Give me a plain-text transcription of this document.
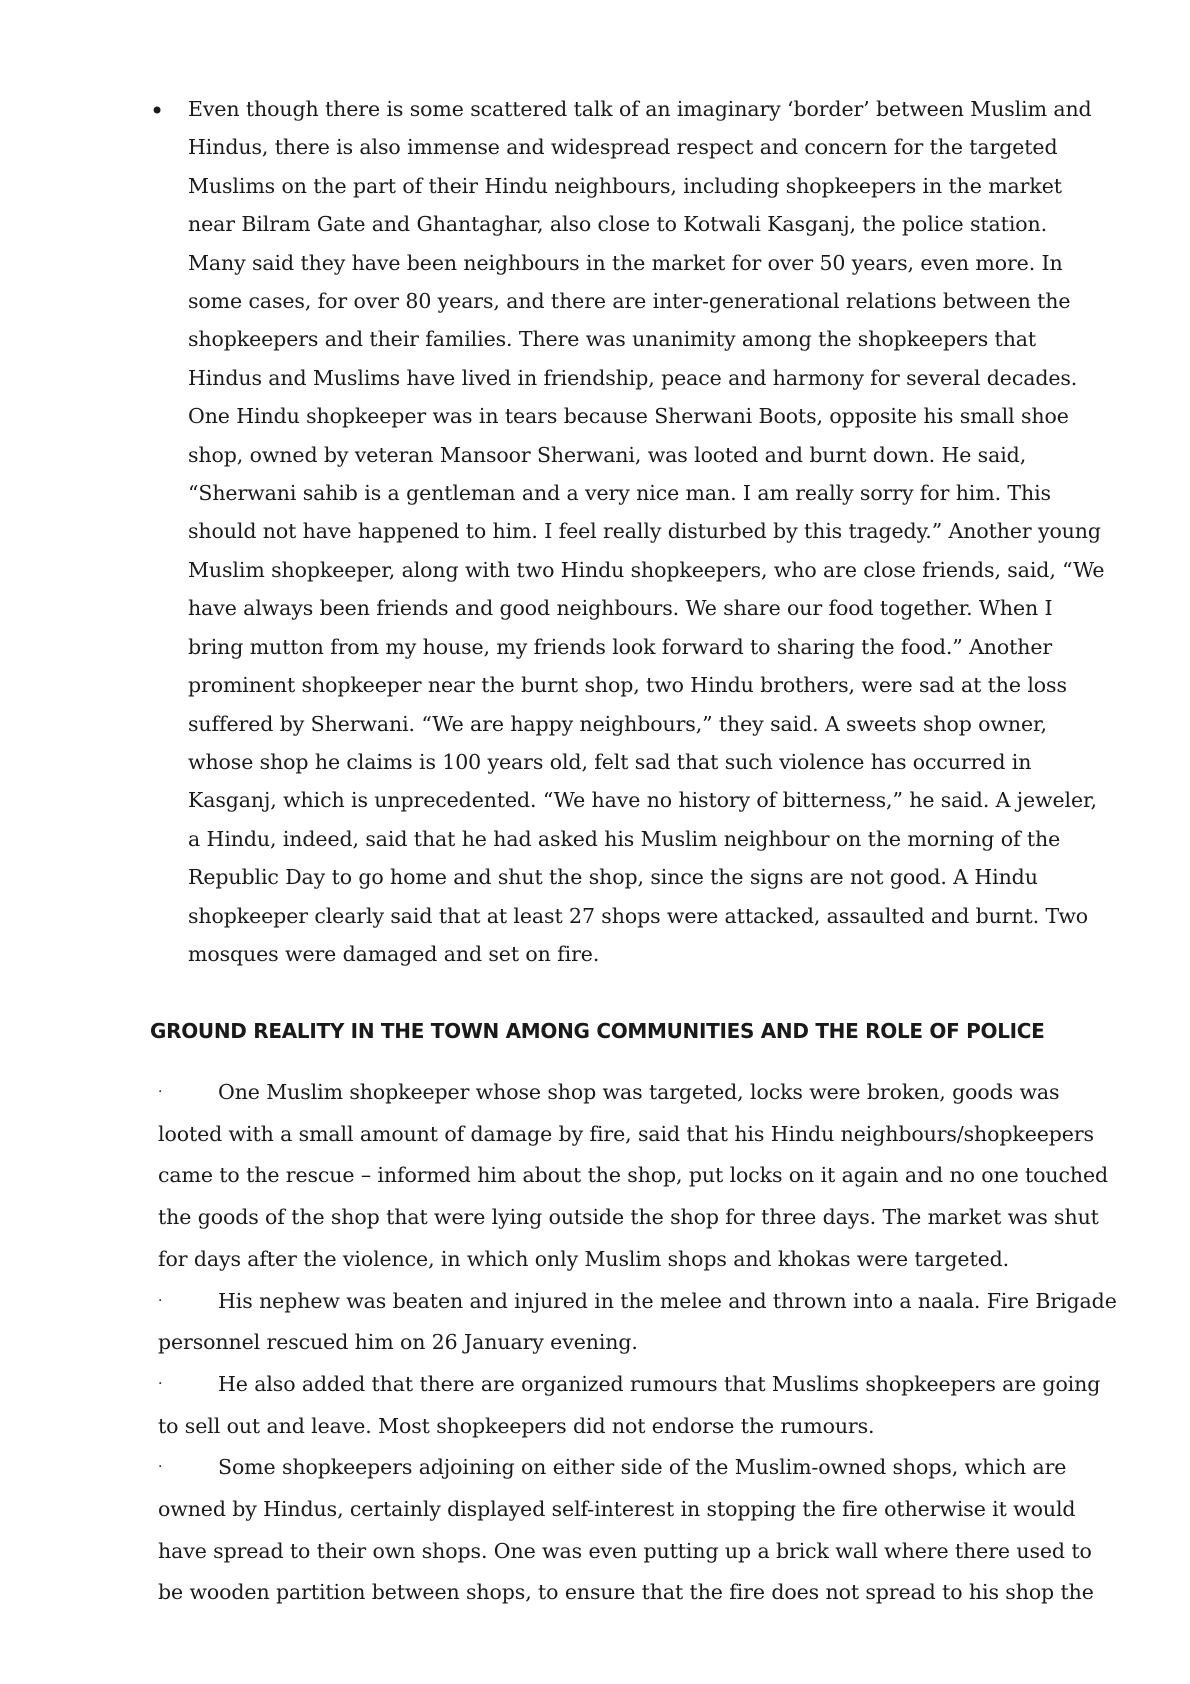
• Even though there is some scattered talk of an imaginary ‘border’ between Muslim and Hindus, there is also immense and widespread respect and concern for the targeted Muslims on the part of their Hindu neighbours, including shopkeepers in the market near Bilram Gate and Ghantaghar, also close to Kotwali Kasganj, the police station. Many said they have been neighbours in the market for over 50 years, even more. In some cases, for over 80 years, and there are inter-generational relations between the shopkeepers and their families. There was unanimity among the shopkeepers that Hindus and Muslims have lived in friendship, peace and harmony for several decades. One Hindu shopkeeper was in tears because Sherwani Boots, opposite his small shoe shop, owned by veteran Mansoor Sherwani, was looted and burnt down. He said, “Sherwani sahib is a gentleman and a very nice man. I am really sorry for him. This should not have happened to him. I feel really disturbed by this tragedy.” Another young Muslim shopkeeper, along with two Hindu shopkeepers, who are close friends, said, “We have always been friends and good neighbours. We share our food together. When I bring mutton from my house, my friends look forward to sharing the food.” Another prominent shopkeeper near the burnt shop, two Hindu brothers, were sad at the loss suffered by Sherwani. “We are happy neighbours,” they said. A sweets shop owner, whose shop he claims is 100 years old, felt sad that such violence has occurred in Kasganj, which is unprecedented. “We have no history of bitterness,” he said. A jeweler, a Hindu, indeed, said that he had asked his Muslim neighbour on the morning of the Republic Day to go home and shut the shop, since the signs are not good. A Hindu shopkeeper clearly said that at least 27 shops were attacked, assaulted and burnt. Two mosques were damaged and set on fire.

GROUND REALITY IN THE TOWN AMONG COMMUNITIES AND THE ROLE OF POLICE

·	One Muslim shopkeeper whose shop was targeted, locks were broken, goods was looted with a small amount of damage by fire, said that his Hindu neighbours/shopkeepers came to the rescue – informed him about the shop, put locks on it again and no one touched the goods of the shop that were lying outside the shop for three days. The market was shut for days after the violence, in which only Muslim shops and khokas were targeted.

·	His nephew was beaten and injured in the melee and thrown into a naala. Fire Brigade personnel rescued him on 26 January evening.

·	He also added that there are organized rumours that Muslims shopkeepers are going to sell out and leave. Most shopkeepers did not endorse the rumours.

·	Some shopkeepers adjoining on either side of the Muslim-owned shops, which are owned by Hindus, certainly displayed self-interest in stopping the fire otherwise it would have spread to their own shops. One was even putting up a brick wall where there used to be wooden partition between shops, to ensure that the fire does not spread to his shop the
